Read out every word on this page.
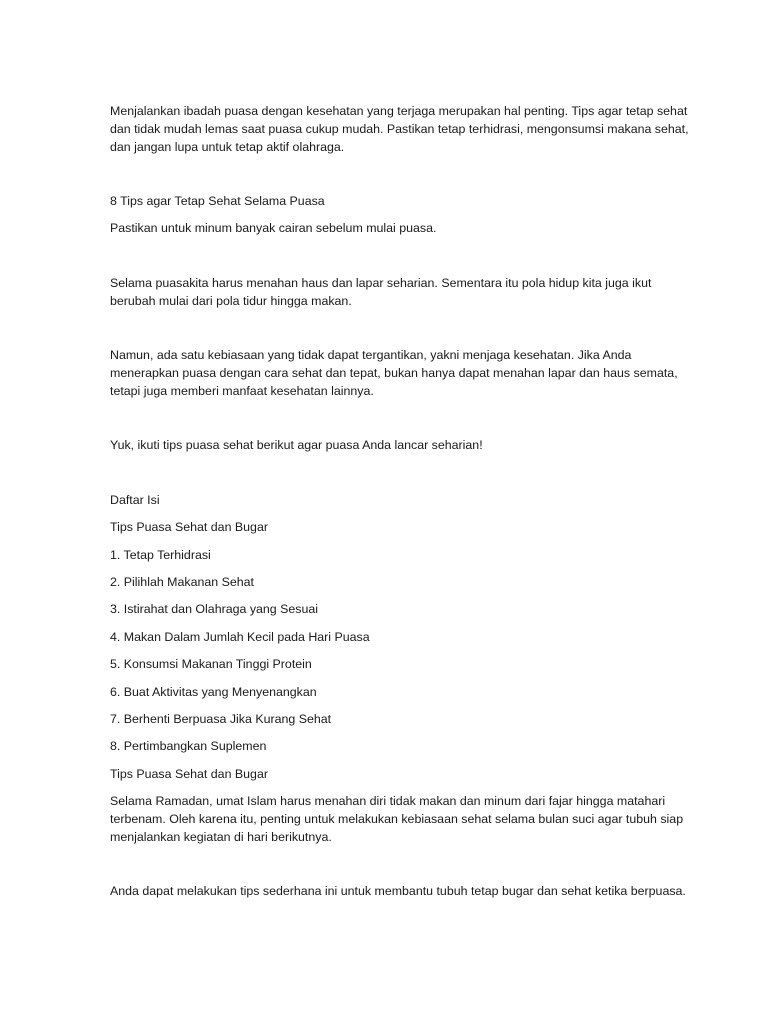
Menjalankan ibadah puasa dengan kesehatan yang terjaga merupakan hal penting. Tips agar tetap sehat dan tidak mudah lemas saat puasa cukup mudah. Pastikan tetap terhidrasi, mengonsumsi makana sehat, dan jangan lupa untuk tetap aktif olahraga.

8 Tips agar Tetap Sehat Selama Puasa

Pastikan untuk minum banyak cairan sebelum mulai puasa.

Selama puasakita harus menahan haus dan lapar seharian. Sementara itu pola hidup kita juga ikut berubah mulai dari pola tidur hingga makan.

Namun, ada satu kebiasaan yang tidak dapat tergantikan, yakni menjaga kesehatan. Jika Anda menerapkan puasa dengan cara sehat dan tepat, bukan hanya dapat menahan lapar dan haus semata, tetapi juga memberi manfaat kesehatan lainnya.

Yuk, ikuti tips puasa sehat berikut agar puasa Anda lancar seharian!

Daftar Isi

Tips Puasa Sehat dan Bugar

1. Tetap Terhidrasi

2. Pilihlah Makanan Sehat

3. Istirahat dan Olahraga yang Sesuai

4. Makan Dalam Jumlah Kecil pada Hari Puasa

5. Konsumsi Makanan Tinggi Protein

6. Buat Aktivitas yang Menyenangkan

7. Berhenti Berpuasa Jika Kurang Sehat

8. Pertimbangkan Suplemen

Tips Puasa Sehat dan Bugar

Selama Ramadan, umat Islam harus menahan diri tidak makan dan minum dari fajar hingga matahari terbenam. Oleh karena itu, penting untuk melakukan kebiasaan sehat selama bulan suci agar tubuh siap menjalankan kegiatan di hari berikutnya.

Anda dapat melakukan tips sederhana ini untuk membantu tubuh tetap bugar dan sehat ketika berpuasa.
